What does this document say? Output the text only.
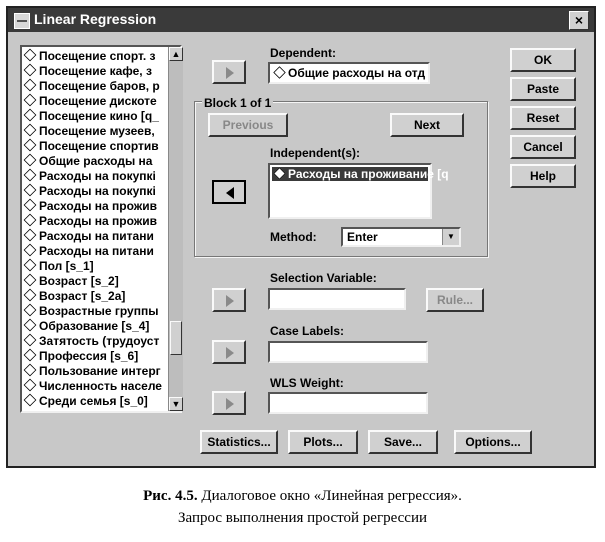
Linear Regression	×
Посещение спорт. з
Посещение кафе, з
Посещение баров, р
Посещение дискоте
Посещение кино [q_
Посещение музеев,
Посещение спортив
Общие расходы на
Расходы на покупкі
Расходы на покупкі
Расходы на прожив
Расходы на прожив
Расходы на питани
Расходы на питани
Пол [s_1]
Возраст [s_2]
Возраст [s_2a]
Возрастные группы
Образование [s_4]
Затятость (трудоуст
Профессия [s_6]
Пользование интерг
Численность населе
Среди семья [s_0]
▲
▼
Dependent:
Общие расходы на отд
Block 1 of 1
Previous	Next
Independent(s):
Расходы на проживание [q
Method:	Enter	▼
Selection Variable:
Rule...
Case Labels:
WLS Weight:
OK
Paste
Reset
Cancel
Help
Statistics...	Plots...	Save...	Options...
Рис. 4.5. Диалоговое окно «Линейная регрессия».
Запрос выполнения простой регрессии
